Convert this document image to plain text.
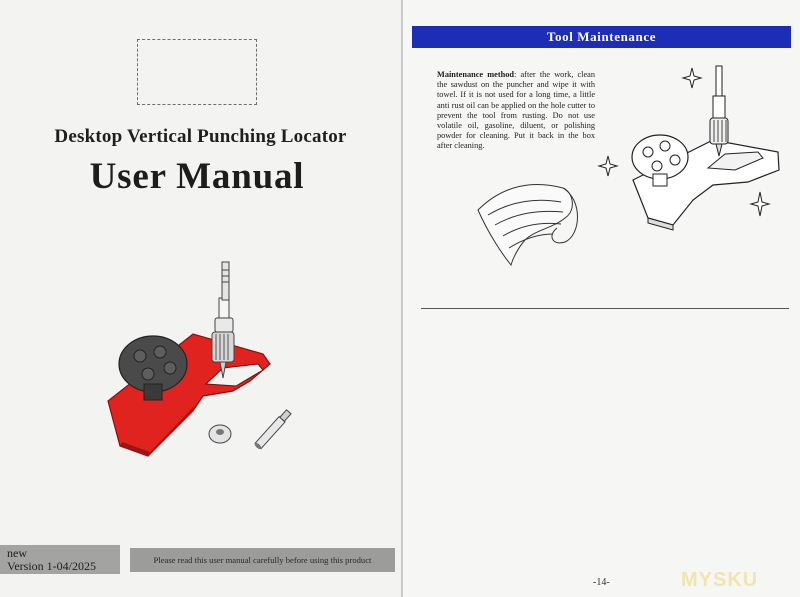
Desktop Vertical Punching Locator
User Manual
new
Version 1-04/2025	Please read this user manual carefully before using this product
Tool Maintenance
Maintenance method: after the work, clean the sawdust on the puncher and wipe it with towel. If it is not used for a long time, a little anti rust oil can be applied on the hole cutter to prevent the tool from rusting. Do not use volatile oil, gasoline, diluent, or polishing powder for cleaning. Put it back in the box after cleaning.
-14-	MYSKU
